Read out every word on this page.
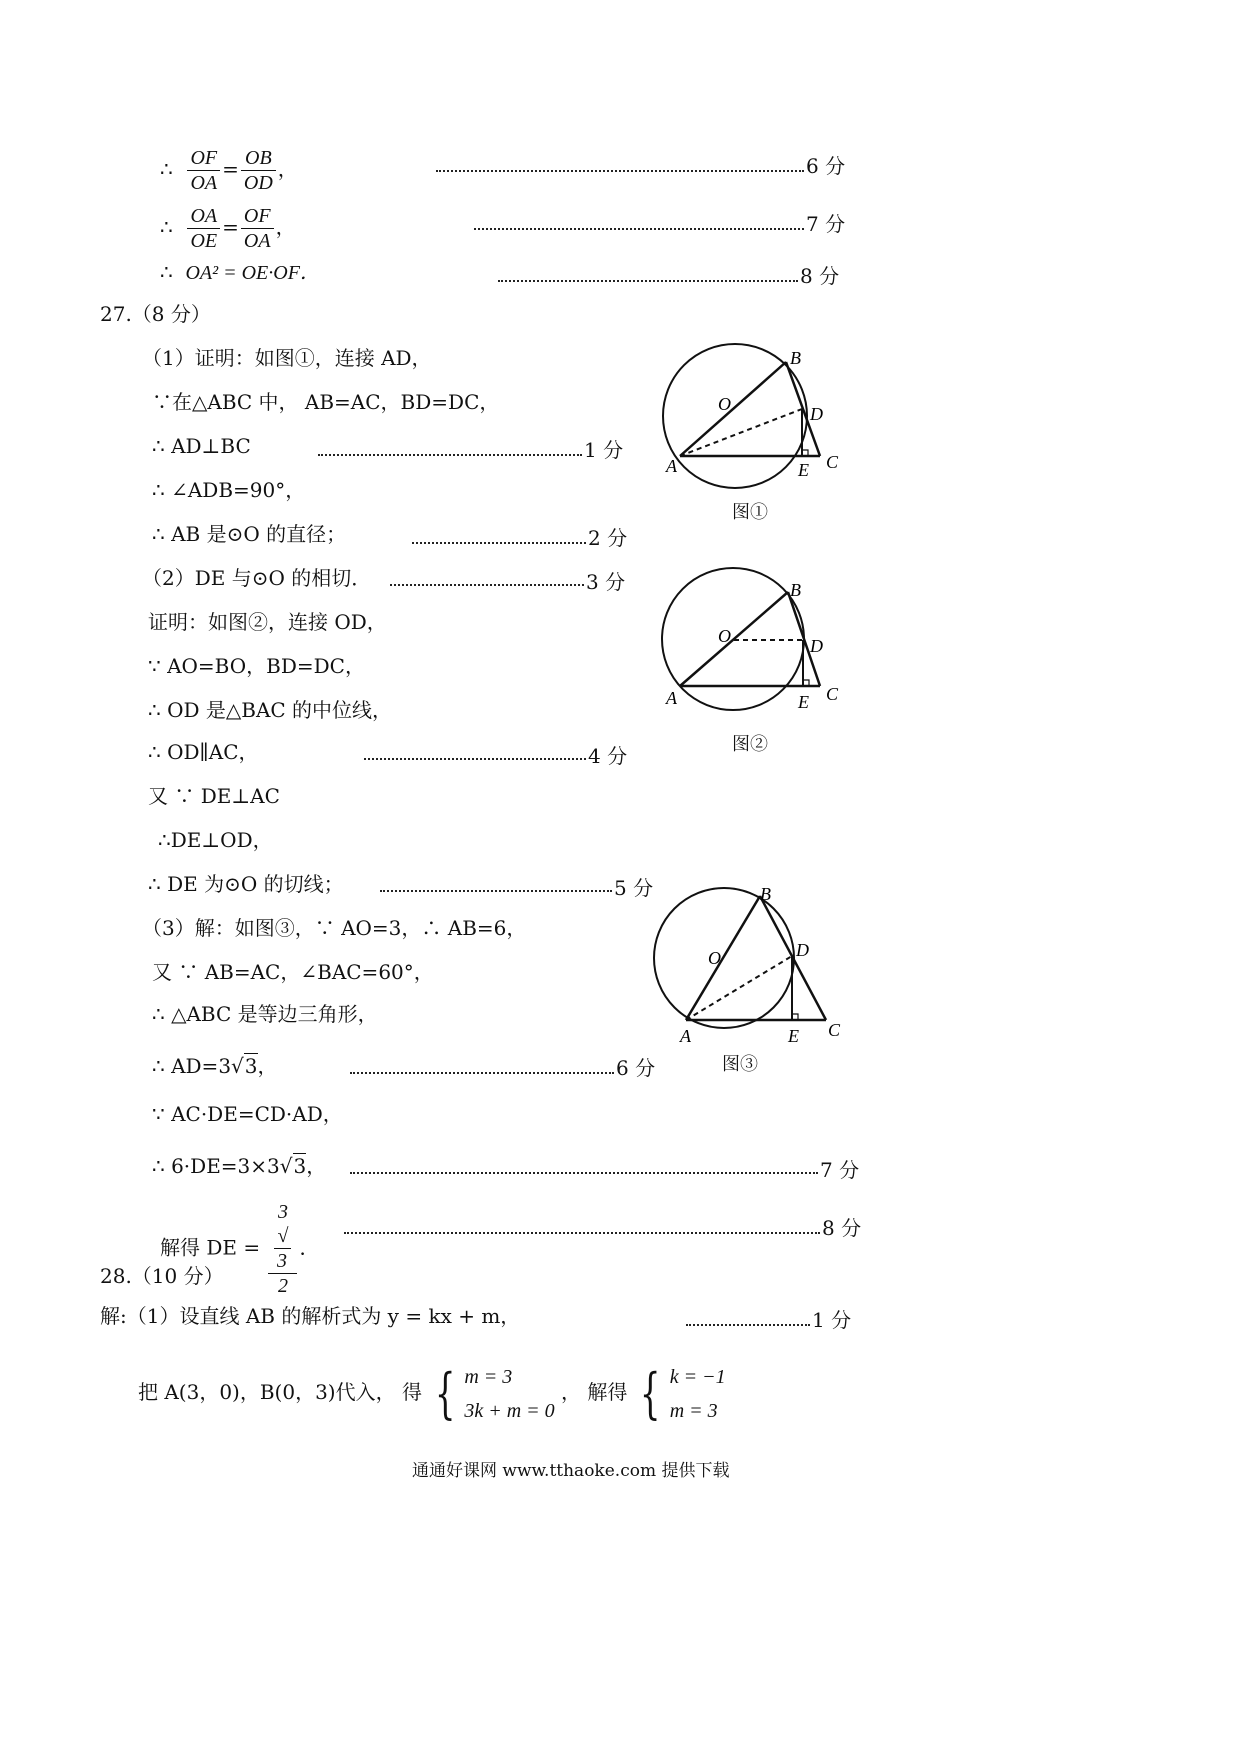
∴ $\frac{OF}{OA} = \frac{OB}{OD}$ ，	6 分
∴ $\frac{OA}{OE} = \frac{OF}{OA}$ ，	7 分
∴ OA² = OE·OF．	8 分
27.（8 分）
（1）证明：如图①，连接 AD，
∵在△ABC 中， AB=AC，BD=DC，
∴ AD⊥BC	1 分
∴ ∠ADB=90°，
∴ AB 是⊙O 的直径；	2 分
（2）DE 与⊙O 的相切．	3 分
证明：如图②，连接 OD，
∵ AO=BO，BD=DC，
∴ OD 是△BAC 的中位线，
∴ OD∥AC，	4 分
又 ∵ DE⊥AC
∴DE⊥OD，
∴ DE 为⊙O 的切线；	5 分
（3）解：如图③，∵ AO=3，∴ AB=6，
又 ∵ AB=AC，∠BAC=60°，
∴ △ABC 是等边三角形，
∴ AD=3√3，	6 分
∵ AC·DE=CD·AD，
∴ 6·DE=3×3√3，	7 分
解得 DE = 3
√
3
2 ．
8 分
B
O	D
A	E C
图①
B
O	D
A	E C
图②
B
O	D
A	E C
图③
28.（10 分）
解:（1）设直线 AB 的解析式为 y = kx + m，	1 分
把 A(3，0)，B(0，3)代入， 得 { m = 3
3k + m = 0
， 解得 { k = −1
m = 3
通通好课网 www.tthaoke.com 提供下载
